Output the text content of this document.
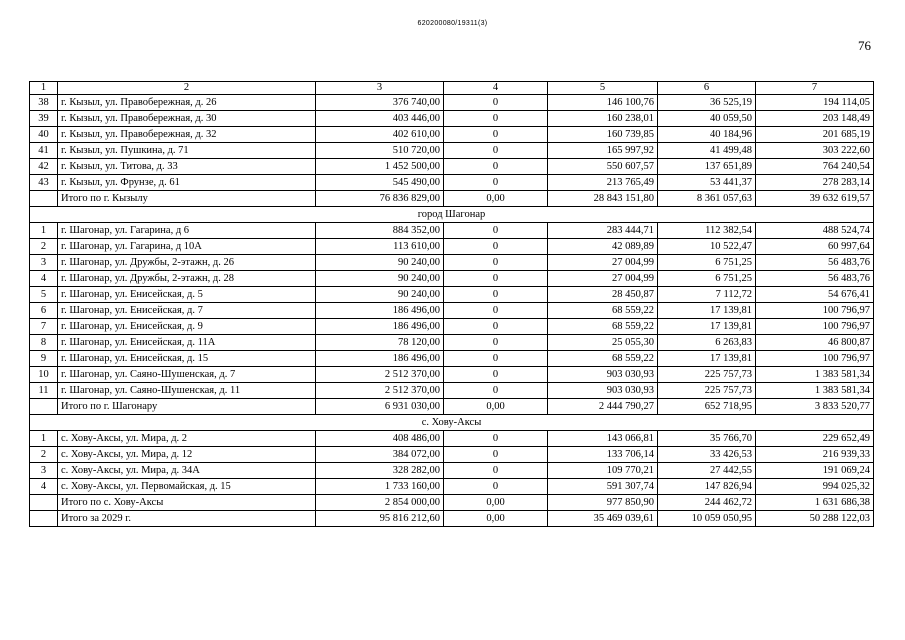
620200080/19311(3)
76
1	2	3	4	5	6	7
38	г. Кызыл, ул. Правобережная, д. 26	376 740,00	0	146 100,76	36 525,19	194 114,05
39	г. Кызыл, ул. Правобережная, д. 30	403 446,00	0	160 238,01	40 059,50	203 148,49
40	г. Кызыл, ул. Правобережная, д. 32	402 610,00	0	160 739,85	40 184,96	201 685,19
41	г. Кызыл, ул. Пушкина, д. 71	510 720,00	0	165 997,92	41 499,48	303 222,60
42	г. Кызыл, ул. Титова, д. 33	1 452 500,00	0	550 607,57	137 651,89	764 240,54
43	г. Кызыл, ул. Фрунзе, д. 61	545 490,00	0	213 765,49	53 441,37	278 283,14
	Итого по г. Кызылу	76 836 829,00	0,00	28 843 151,80	8 361 057,63	39 632 619,57
город Шагонар						
1	г. Шагонар, ул. Гагарина, д 6	884 352,00	0	283 444,71	112 382,54	488 524,74
2	г. Шагонар, ул. Гагарина, д 10А	113 610,00	0	42 089,89	10 522,47	60 997,64
3	г. Шагонар, ул. Дружбы, 2-этажн, д. 26	90 240,00	0	27 004,99	6 751,25	56 483,76
4	г. Шагонар, ул. Дружбы, 2-этажн, д. 28	90 240,00	0	27 004,99	6 751,25	56 483,76
5	г. Шагонар, ул. Енисейская, д. 5	90 240,00	0	28 450,87	7 112,72	54 676,41
6	г. Шагонар, ул. Енисейская, д. 7	186 496,00	0	68 559,22	17 139,81	100 796,97
7	г. Шагонар, ул. Енисейская, д. 9	186 496,00	0	68 559,22	17 139,81	100 796,97
8	г. Шагонар, ул. Енисейская, д. 11А	78 120,00	0	25 055,30	6 263,83	46 800,87
9	г. Шагонар, ул. Енисейская, д. 15	186 496,00	0	68 559,22	17 139,81	100 796,97
10	г. Шагонар, ул. Саяно-Шушенская, д. 7	2 512 370,00	0	903 030,93	225 757,73	1 383 581,34
11	г. Шагонар, ул. Саяно-Шушенская, д. 11	2 512 370,00	0	903 030,93	225 757,73	1 383 581,34
	Итого по г. Шагонару	6 931 030,00	0,00	2 444 790,27	652 718,95	3 833 520,77
с. Хову-Аксы						
1	с. Хову-Аксы, ул. Мира, д. 2	408 486,00	0	143 066,81	35 766,70	229 652,49
2	с. Хову-Аксы, ул. Мира, д. 12	384 072,00	0	133 706,14	33 426,53	216 939,33
3	с. Хову-Аксы, ул. Мира, д. 34А	328 282,00	0	109 770,21	27 442,55	191 069,24
4	с. Хову-Аксы, ул. Первомайская, д. 15	1 733 160,00	0	591 307,74	147 826,94	994 025,32
	Итого по с. Хову-Аксы	2 854 000,00	0,00	977 850,90	244 462,72	1 631 686,38
	Итого за 2029 г.	95 816 212,60	0,00	35 469 039,61	10 059 050,95	50 288 122,03
